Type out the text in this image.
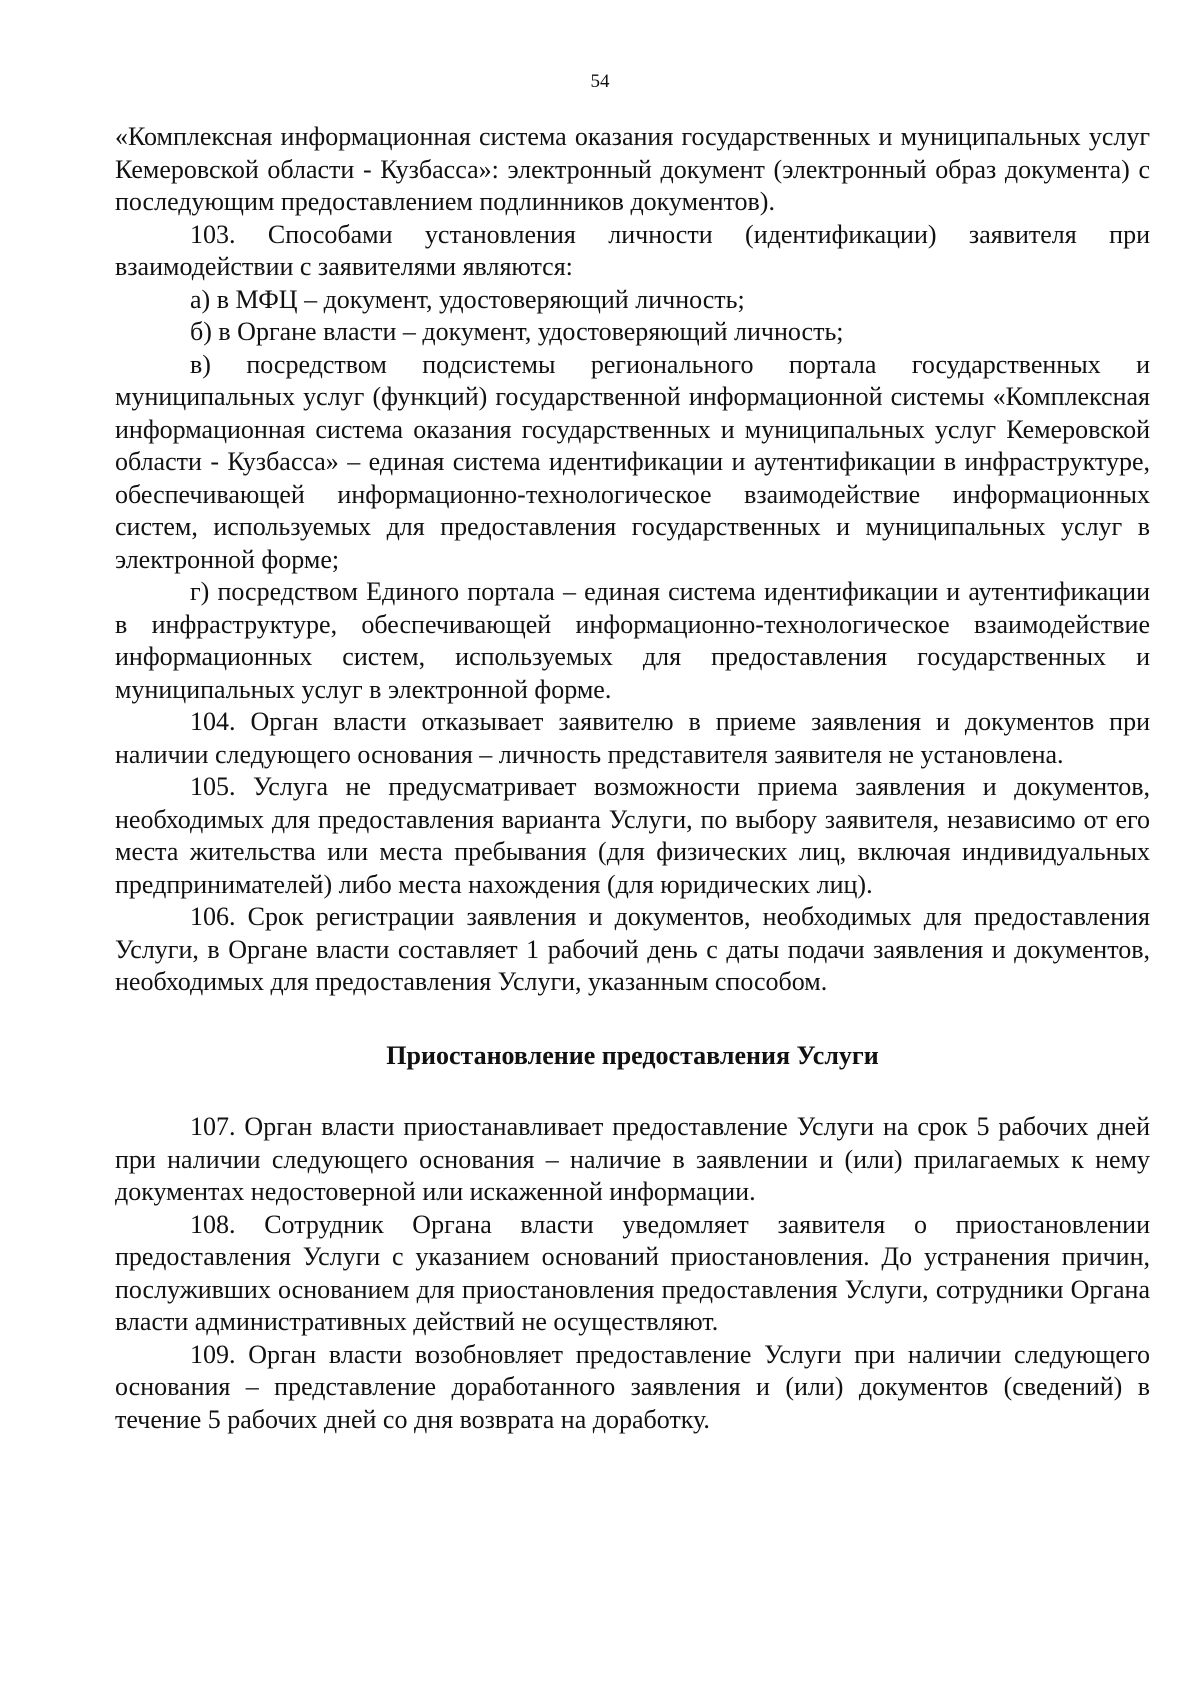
54

«Комплексная информационная система оказания государственных и муниципальных услуг Кемеровской области - Кузбасса»: электронный документ (электронный образ документа) с последующим предоставлением подлинников документов).

103. Способами установления личности (идентификации) заявителя при взаимодействии с заявителями являются:

а) в МФЦ – документ, удостоверяющий личность;

б) в Органе власти – документ, удостоверяющий личность;

в) посредством подсистемы регионального портала государственных и муниципальных услуг (функций) государственной информационной системы «Комплексная информационная система оказания государственных и муниципальных услуг Кемеровской области - Кузбасса» – единая система идентификации и аутентификации в инфраструктуре, обеспечивающей информационно-технологическое взаимодействие информационных систем, используемых для предоставления государственных и муниципальных услуг в электронной форме;

г) посредством Единого портала – единая система идентификации и аутентификации в инфраструктуре, обеспечивающей информационно-технологическое взаимодействие информационных систем, используемых для предоставления государственных и муниципальных услуг в электронной форме.

104. Орган власти отказывает заявителю в приеме заявления и документов при наличии следующего основания – личность представителя заявителя не установлена.

105. Услуга не предусматривает возможности приема заявления и документов, необходимых для предоставления варианта Услуги, по выбору заявителя, независимо от его места жительства или места пребывания (для физических лиц, включая индивидуальных предпринимателей) либо места нахождения (для юридических лиц).

106. Срок регистрации заявления и документов, необходимых для предоставления Услуги, в Органе власти составляет 1 рабочий день с даты подачи заявления и документов, необходимых для предоставления Услуги, указанным способом.

Приостановление предоставления Услуги

107. Орган власти приостанавливает предоставление Услуги на срок 5 рабочих дней при наличии следующего основания – наличие в заявлении и (или) прилагаемых к нему документах недостоверной или искаженной информации.

108. Сотрудник Органа власти уведомляет заявителя о приостановлении предоставления Услуги с указанием оснований приостановления. До устранения причин, послуживших основанием для приостановления предоставления Услуги, сотрудники Органа власти административных действий не осуществляют.

109. Орган власти возобновляет предоставление Услуги при наличии следующего основания – представление доработанного заявления и (или) документов (сведений) в течение 5 рабочих дней со дня возврата на доработку.
